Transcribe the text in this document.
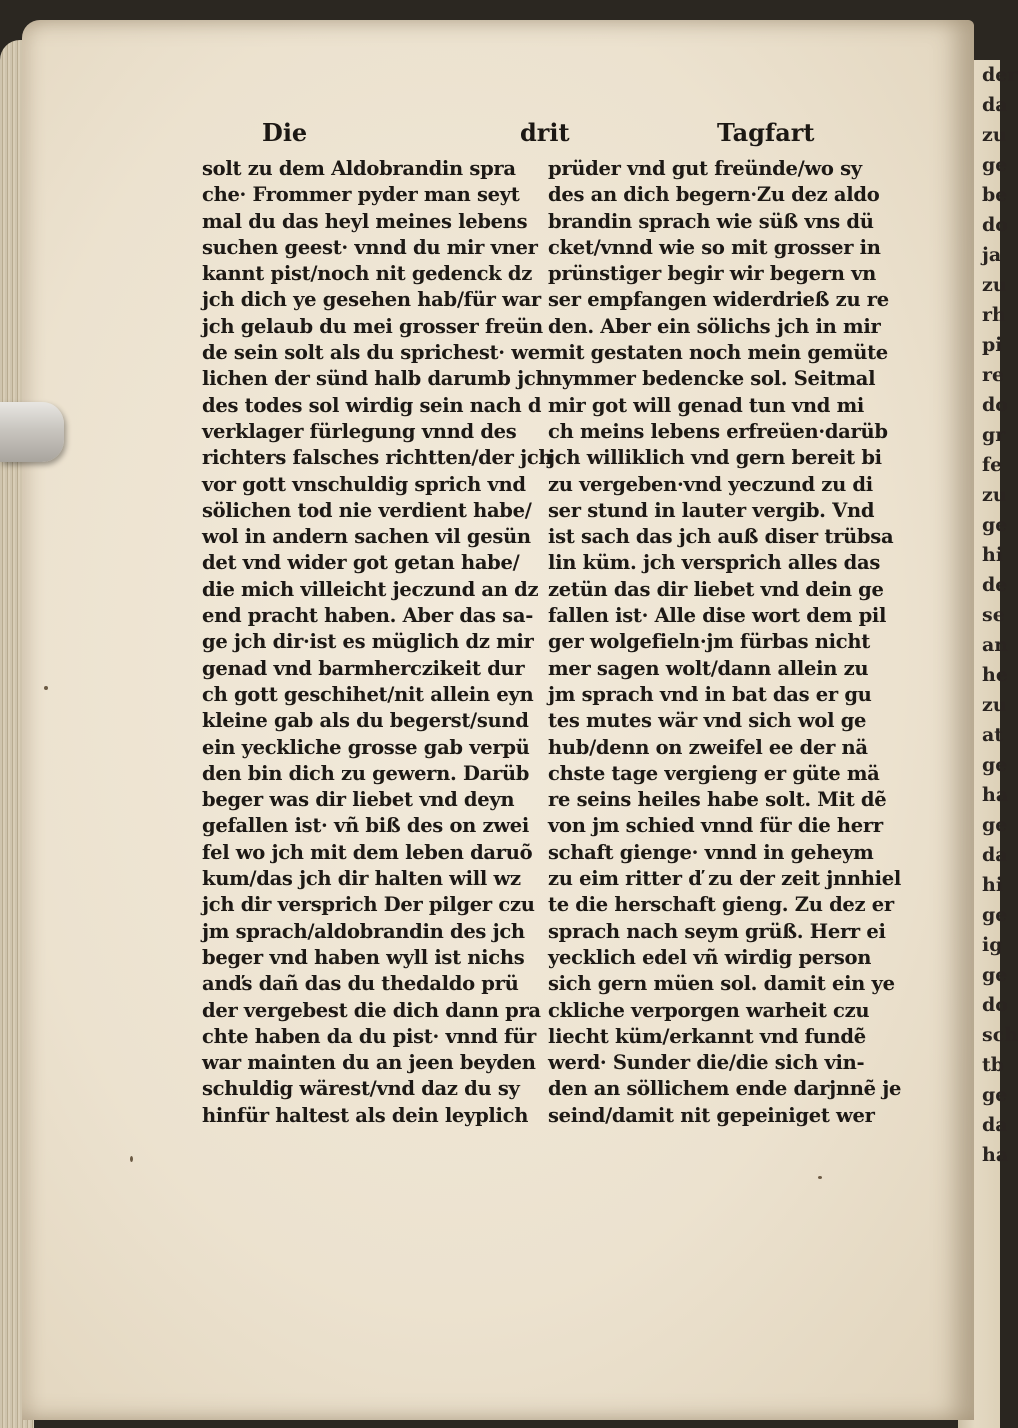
der
da
zu
ge
be
do
ja
zu
rh
pi
re
do
gr
fe
zu
ge
hi
de
se
an
he
zu
at
ge
ha
ge
da
hi
ge
ig
ge
do
sch
tb
ge
da
ha
Die	drit	Tagfart
solt zu dem Aldobrandin spra
che· Frommer pyder man seyt
mal du das heyl meines lebens
suchen geest· vnnd du mir vner
kannt pist/noch nit gedenck dz
jch dich ye gesehen hab/für war
jch gelaub du mei grosser freün
de sein solt als du sprichest· wer
lichen der sünd halb darumb jch
des todes sol wirdig sein nach d
verklager fürlegung vnnd des
richters falsches richtten/der jch
vor gott vnschuldig sprich vnd
sölichen tod nie verdient habe/
wol in andern sachen vil gesün
det vnd wider got getan habe/
die mich villeicht jeczund an dz
end pracht haben. Aber das sa-
ge jch dir·ist es müglich dz mir
genad vnd barmherczikeit dur
ch gott geschihet/nit allein eyn
kleine gab als du begerst/sund
ein yeckliche grosse gab verpü
den bin dich zu gewern. Darüb
beger was dir liebet vnd deyn
gefallen ist· vñ biß des on zwei
fel wo jch mit dem leben daruõ
kum/das jch dir halten will wz
jch dir versprich Der pilger czu
jm sprach/aldobrandin des jch
beger vnd haben wyll ist nichs
anďs dañ das du thedaldo prü
der vergebest die dich dann pra
chte haben da du pist· vnnd für
war mainten du an jeen beyden
schuldig wärest/vnd daz du sy
hinfür haltest als dein leyplich
prüder vnd gut freünde/wo sy
des an dich begern·Zu dez aldo
brandin sprach wie süß vns dü
cket/vnnd wie so mit grosser in
prünstiger begir wir begern vn
ser empfangen widerdrieß zu re
den. Aber ein sölichs jch in mir
mit gestaten noch mein gemüte
nymmer bedencke sol. Seitmal
mir got will genad tun vnd mi
ch meins lebens erfreüen·darüb
jch williklich vnd gern bereit bi
zu vergeben·vnd yeczund zu di
ser stund in lauter vergib. Vnd
ist sach das jch auß diser trübsa
lin küm. jch versprich alles das
zetün das dir liebet vnd dein ge
fallen ist· Alle dise wort dem pil
ger wolgefieln·jm fürbas nicht
mer sagen wolt/dann allein zu
jm sprach vnd in bat das er gu
tes mutes wär vnd sich wol ge
hub/denn on zweifel ee der nä
chste tage vergieng er güte mä
re seins heiles habe solt. Mit dẽ
von jm schied vnnd für die herr
schaft gienge· vnnd in geheym
zu eim ritter ď zu der zeit jnnhiel
te die herschaft gieng. Zu dez er
sprach nach seym grüß. Herr ei
yecklich edel vñ wirdig person
sich gern müen sol. damit ein ye
ckliche verporgen warheit czu
liecht küm/erkannt vnd fundẽ
werd· Sunder die/die sich vin-
den an söllichem ende darjnnẽ je
seind/damit nit gepeiniget wer
